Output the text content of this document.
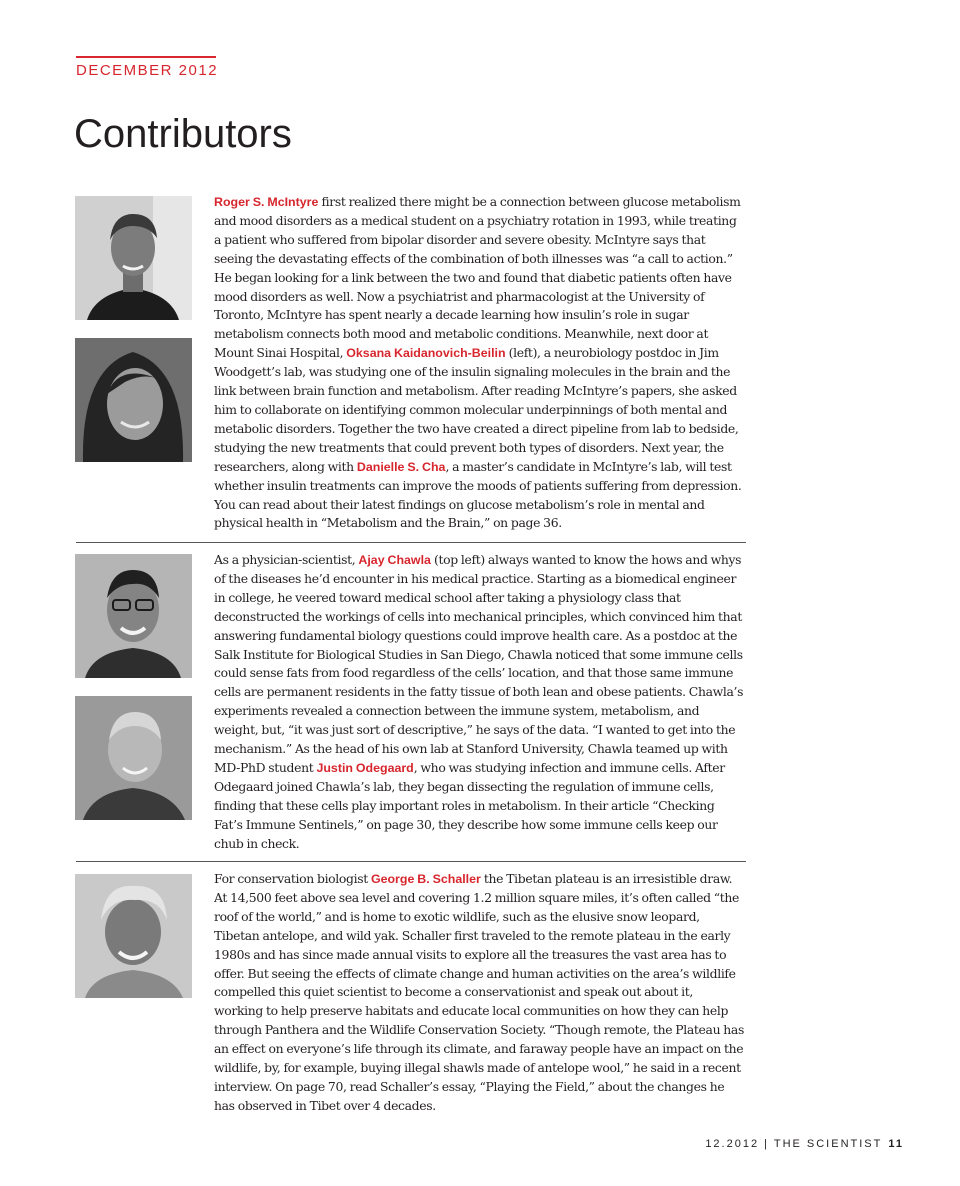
DECEMBER 2012
Contributors

Roger S. McIntyre first realized there might be a connection between glucose metabolism and mood disorders as a medical student on a psychiatry rotation in 1993, while treating a patient who suffered from bipolar disorder and severe obesity. McIntyre says that seeing the devastating effects of the combination of both illnesses was “a call to action.” He began looking for a link between the two and found that diabetic patients often have mood disorders as well. Now a psychiatrist and pharmacologist at the University of Toronto, McIntyre has spent nearly a decade learning how insulin’s role in sugar metabolism connects both mood and metabolic conditions. Meanwhile, next door at Mount Sinai Hospital, Oksana Kaidanovich-Beilin (left), a neurobiology postdoc in Jim Woodgett’s lab, was studying one of the insulin signaling molecules in the brain and the link between brain function and metabolism. After reading McIntyre’s papers, she asked him to collaborate on identifying common molecular underpinnings of both mental and metabolic disorders. Together the two have created a direct pipeline from lab to bedside, studying the new treatments that could prevent both types of disorders. Next year, the researchers, along with Danielle S. Cha, a master’s candidate in McIntyre’s lab, will test whether insulin treatments can improve the moods of patients suffering from depression. You can read about their latest findings on glucose metabolism’s role in mental and physical health in “Metabolism and the Brain,” on page 36.

As a physician-scientist, Ajay Chawla (top left) always wanted to know the hows and whys of the diseases he’d encounter in his medical practice. Starting as a biomedical engineer in college, he veered toward medical school after taking a physiology class that deconstructed the workings of cells into mechanical principles, which convinced him that answering fundamental biology questions could improve health care. As a postdoc at the Salk Institute for Biological Studies in San Diego, Chawla noticed that some immune cells could sense fats from food regardless of the cells’ location, and that those same immune cells are permanent residents in the fatty tissue of both lean and obese patients. Chawla’s experiments revealed a connection between the immune system, metabolism, and weight, but, “it was just sort of descriptive,” he says of the data. “I wanted to get into the mechanism.” As the head of his own lab at Stanford University, Chawla teamed up with MD-PhD student Justin Odegaard, who was studying infection and immune cells. After Odegaard joined Chawla’s lab, they began dissecting the regulation of immune cells, finding that these cells play important roles in metabolism. In their article “Checking Fat’s Immune Sentinels,” on page 30, they describe how some immune cells keep our chub in check.

For conservation biologist George B. Schaller the Tibetan plateau is an irresistible draw. At 14,500 feet above sea level and covering 1.2 million square miles, it’s often called “the roof of the world,” and is home to exotic wildlife, such as the elusive snow leopard, Tibetan antelope, and wild yak. Schaller first traveled to the remote plateau in the early 1980s and has since made annual visits to explore all the treasures the vast area has to offer. But seeing the effects of climate change and human activities on the area’s wildlife compelled this quiet scientist to become a conservationist and speak out about it, working to help preserve habitats and educate local communities on how they can help through Panthera and the Wildlife Conservation Society. “Though remote, the Plateau has an effect on everyone’s life through its climate, and faraway people have an impact on the wildlife, by, for example, buying illegal shawls made of antelope wool,” he said in a recent interview. On page 70, read Schaller’s essay, “Playing the Field,” about the changes he has observed in Tibet over 4 decades.

12.2012 | THE SCIENTIST 11
